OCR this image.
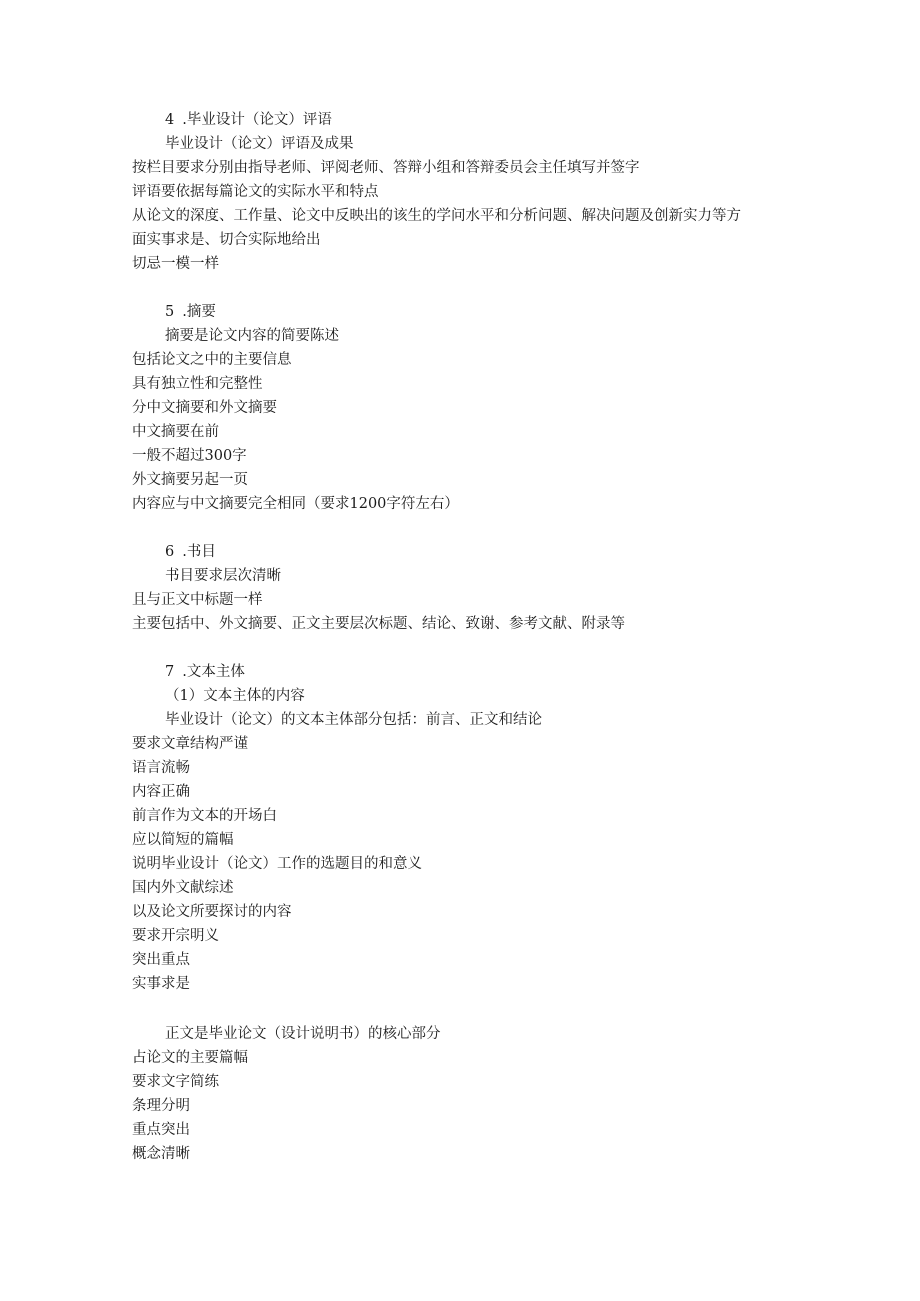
4 .毕业设计（论文）评语

毕业设计（论文）评语及成果

按栏目要求分别由指导老师、评阅老师、答辩小组和答辩委员会主任填写并签字

评语要依据每篇论文的实际水平和特点

从论文的深度、工作量、论文中反映出的该生的学问水平和分析问题、解决问题及创新实力等方

面实事求是、切合实际地给出

切忌一模一样

5 .摘要

摘要是论文内容的简要陈述

包括论文之中的主要信息

具有独立性和完整性

分中文摘要和外文摘要

中文摘要在前

一般不超过300字

外文摘要另起一页

内容应与中文摘要完全相同（要求1200字符左右）

6 .书目

书目要求层次清晰

且与正文中标题一样

主要包括中、外文摘要、正文主要层次标题、结论、致谢、参考文献、附录等

7 .文本主体

（1）文本主体的内容

毕业设计（论文）的文本主体部分包括：前言、正文和结论

要求文章结构严谨

语言流畅

内容正确

前言作为文本的开场白

应以简短的篇幅

说明毕业设计（论文）工作的选题目的和意义

国内外文献综述

以及论文所要探讨的内容

要求开宗明义

突出重点

实事求是

正文是毕业论文（设计说明书）的核心部分

占论文的主要篇幅

要求文字简练

条理分明

重点突出

概念清晰
